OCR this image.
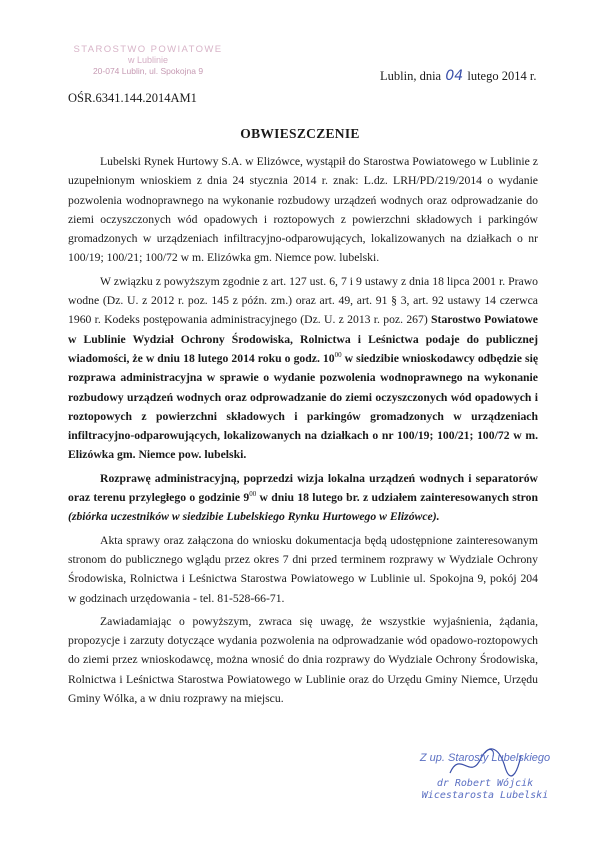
STAROSTWO POWIATOWE
w Lublinie
20-074 Lublin, ul. Spokojna 9
OŚR.6341.144.2014AM1
Lublin, dnia 04 lutego 2014 r.
OBWIESZCZENIE

Lubelski Rynek Hurtowy S.A. w Elizówce, wystąpił do Starostwa Powiatowego w Lublinie z uzupełnionym wnioskiem z dnia 24 stycznia 2014 r. znak: L.dz. LRH/PD/219/2014 o wydanie pozwolenia wodnoprawnego na wykonanie rozbudowy urządzeń wodnych oraz odprowadzanie do ziemi oczyszczonych wód opadowych i roztopowych z powierzchni składowych i parkingów gromadzonych w urządzeniach infiltracyjno-odparowujących, lokalizowanych na działkach o nr 100/19; 100/21; 100/72 w m. Elizówka gm. Niemce pow. lubelski.

W związku z powyższym zgodnie z art. 127 ust. 6, 7 i 9 ustawy z dnia 18 lipca 2001 r. Prawo wodne (Dz. U. z 2012 r. poz. 145 z późn. zm.) oraz art. 49, art. 91 § 3, art. 92 ustawy 14 czerwca 1960 r. Kodeks postępowania administracyjnego (Dz. U. z 2013 r. poz. 267) Starostwo Powiatowe w Lublinie Wydział Ochrony Środowiska, Rolnictwa i Leśnictwa podaje do publicznej wiadomości, że w dniu 18 lutego 2014 roku o godz. $10^{00}$ w siedzibie wnioskodawcy odbędzie się rozprawa administracyjna w sprawie o wydanie pozwolenia wodnoprawnego na wykonanie rozbudowy urządzeń wodnych oraz odprowadzanie do ziemi oczyszczonych wód opadowych i roztopowych z powierzchni składowych i parkingów gromadzonych w urządzeniach infiltracyjno-odparowujących, lokalizowanych na działkach o nr 100/19; 100/21; 100/72 w m. Elizówka gm. Niemce pow. lubelski.

Rozprawę administracyjną, poprzedzi wizja lokalna urządzeń wodnych i separatorów oraz terenu przyległego o godzinie $9^{00}$ w dniu 18 lutego br. z udziałem zainteresowanych stron (zbiórka uczestników w siedzibie Lubelskiego Rynku Hurtowego w Elizówce).

Akta sprawy oraz załączona do wniosku dokumentacja będą udostępnione zainteresowanym stronom do publicznego wglądu przez okres 7 dni przed terminem rozprawy w Wydziale Ochrony Środowiska, Rolnictwa i Leśnictwa Starostwa Powiatowego w Lublinie ul. Spokojna 9, pokój 204 w godzinach urzędowania - tel. 81-528-66-71.

Zawiadamiając o powyższym, zwraca się uwagę, że wszystkie wyjaśnienia, żądania, propozycje i zarzuty dotyczące wydania pozwolenia na odprowadzanie wód opadowo-roztopowych do ziemi przez wnioskodawcę, można wnosić do dnia rozprawy do Wydziale Ochrony Środowiska, Rolnictwa i Leśnictwa Starostwa Powiatowego w Lublinie oraz do Urzędu Gminy Niemce, Urzędu Gminy Wólka, a w dniu rozprawy na miejscu.

Z up. Starosty Lubelskiego
dr Robert Wójcik
Wicestarosta Lubelski
